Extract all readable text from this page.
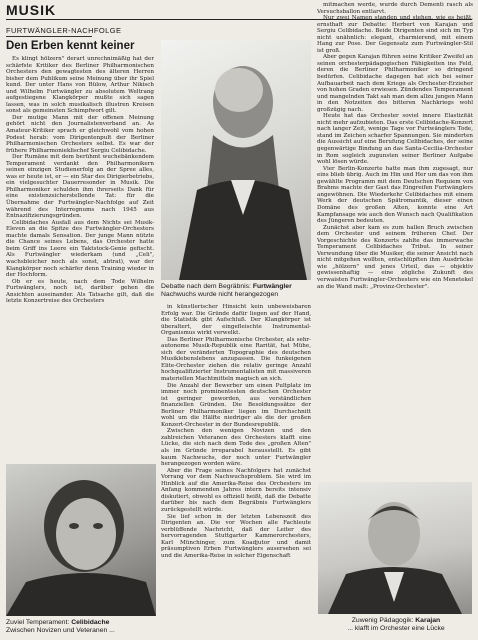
MUSIK
FURTWÄNGLER-NACHFOLGE
Den Erben kennt keiner

Es klingt hölzern" derart unrechnimäßig hat der schärfste Kritiker des Berliner Philharmonischen Orchesters den gewagtesten des älteren Herren bisher dem Publikum seine Meinung über ihr Spiel kund. Der unter Hans von Bülow, Arthur Nikisch und Wilhelm Furtwängler zu absolutem Weltrang aufgestiegene Klangkörper mußte sich sagen lassen, was in solch musikalisch illustren Kreisen sonst als gemeinsten Schimpfwort gilt.

Der mutige Mann mit der offenen Meinung gehört nicht den Journalistenverband an. As Amateur-Kritiker sprach er gleichwohl vom hohen Podest herab: vom Dirigentenpult der Berliner Philharmonischen Orchesters selbst. Es war der frühere Philharmonieklischef Sergiu Celibidache.

Der Rumäne mit dem berühmt wuchebänkendem Temperament verdankt den Philharmonikern seinen einzigen Studienerfolg an der Spree alles, was er heute ist, er — ein Star des Dirigierbetriebs, ein vielgesuchter Dauerresonder in Musik. Die Philharmoniker schulden ihm ihrerseits Dank für eine existenzsicherstellende Tat: für die Übernahme der Furtwängler-Nachfolge auf Zeit während des Interregnums nach 1945 aus Entnazifizierungsgründen.

Celibidaches Ausfall aus dem Nichts sei Musik-Eleven an die Spitze des Furtwängler-Orchesters machte damals Sensation. Der junge Mann nützte die Chance seines Lebens, das Orchester hatte beim Griff ins Leere ein Taktstock-Genie gefischt. Als Furtwängler wiederkam (und „Celi", wachsbleicher noch als sonst, abtrat), war der Klangkörper noch schärfer denn Training wieder in der Hochform.

Ob er es heute, nach dem Tode Wilhelm Furtwänglers, noch ist, darüber gehen die Ansichten auseinander. Als Tatsache gilt, daß die letzte Konzertreise des Orchesters

Debatte nach dem Begräbnis: Furtwängler
Nachwuchs wurde nicht herangezogen

in künstlerischer Hinsicht kein unbeweisbaren Erfolg war. Die Gründe dafür liegen auf der Hand, die Statistik gibt Aufschluß. Der Klangkörper ist überaltert, der eingefleischte Instrumental-Organismus wirkt verwelkt.

Das Berliner Philharmonische Orchester, als sehr-autonome Musik-Republik eine Rarität, hat Mühe, sich der veränderten Topographie des deutschen Musiklebenslebens anzupassen. Die funkeigenen Elite-Orchester ziehen die relativ geringe Anzahl hochqualifizierter Instrumentalisten mit massiveren materiellen Machtmitteln magisch an sich.

Die Anzahl der Bewerber um einen Pultplatz im immer noch prominentesten deutschen Orchester ist geringer geworden, aus verständlichen finanziellen Gründen. Die Besoldungssätze der Berliner Philharmoniker liegen im Durchschnitt wohl um die Hälfte niedriger als die der großen Konzert-Orchester in der Bundesrepublik.

Zwischen den wenigen Novizen und den zahlreichen Veteranen des Orchesters klafft eine Lücke, die sich nach dem Tode des „großen Alten" als im Gründe irreparabel herausstellt. Es gibt kaum Nachwuchs, der noch unter Furtwängler herangezogen worden wäre.

Aber die Frage seines Nachfolgers hat zunächst Vorrang vor dem Nachwuchsproblem. Sie wird im Hinblick auf die Amerika-Reise des Orchesters im Anfang kommenden Jahres intern bereits intensiv diskutiert, obwohl es offiziell heißt, daß die Debatte darüber bis nach dem Begräbnis Furtwänglers zurückgestellt würde.

Sie lief schon in der letzten Lebenszeit des Dirigenten an. Die vor Wochen alle Fachleute verblüffende Nachricht, daß der Leiter des hervorragenden Stuttgarter Kammerorchesters, Karl Münchinger, zum Koadjutor und damit präsumptiven Erben Furtwänglers ausersehen sei und die Amerika-Reise in solcher Eigenschaft

mitmachen werde, wurde durch Dementi rasch als Versuchsballon entlarvt.

Nur zwei Namen standen und stehen, wie es heißt, ernsthaft zur Debatte: Herbert von Karajan und Sergiu Celibidache. Beide Dirigenten sind sich im Typ nicht unähnlich: elegant, charmierend, mit einem Hang zur Pose. Der Gegensatz zum Furtwängler-Stil ist groß.

Aber gegen Karajan führen seine Kritiker Zweifel an seinen orchesterpädagogischen Fähigkeiten ins Feld, deren die Berliner Philharmoniker so dringend bedürfen. Celibidache dagegen hat sich bei seiner Aufbauarbeit nach dem Kriege als Orchester-Erzieher von hohen Graden erwiesen. Zündendes Temperament und mangelnden Takt sah man dem allzu jungen Mann in den Notzeiten des bitteren Nachkriegs wohl großzügig nach.

Heute hat das Orchester soviel innere Elastizität nicht mehr aufzubieten. Das erste Celibidache-Konzert nach langer Zeit, wenige Tage vor Furtwänglers Tode, stand im Zeichen scharfer Spannungen. Sie minderten die Aussicht auf eine Berufung Celibidaches, der seine gegenwärtige Bindung an das Santa-Cecilia-Orchester in Rom sogleich zugunsten seiner Berliner Aufgabe wohl lösen würde.

Vier Berlin-Konzerte hatte man ihm zugesagt, nur eins blieb übrig. Auch im Hin und Her um das von ihm gewählte Programm mit dem Deutschen Requiem von Brahms machte der Gast das Eingreifen Furtwänglers angewöhnen. Die Wiederkehr Celibidaches mit einem Werk der deutschen Spätromantik, dieser einen Domäne des großen Alten, konnte eine Art Kampfansage wie auch den Wunsch nach Qualifikation des Jüngeren bedeuten.

Zunächst aber kam es zum hallen Bruch zwischen dem Orchester und seinem früheren Chef. Der Vorgeschichte des Konzerts zahlte das immerwache Temperament Celibidaches Tribut. In seiner Verwundung über die Musiker, die seiner Ansicht nach nicht mitgehen wollten, entschlüpften ihm Ausdrücke wie „hölzern" und jenes Urteil, das — objektiv gewissenhaftig — eine zögliche Zukunft des verwaisten Furtwängler-Orchesters wie ein Menetekel an die Wand malt: „Provinz-Orchester".

Zuviel Temperament: Celibidache
Zwischen Novizen und Veteranen ...

Zuwenig Pädagogik: Karajan
... klafft im Orchester eine Lücke
